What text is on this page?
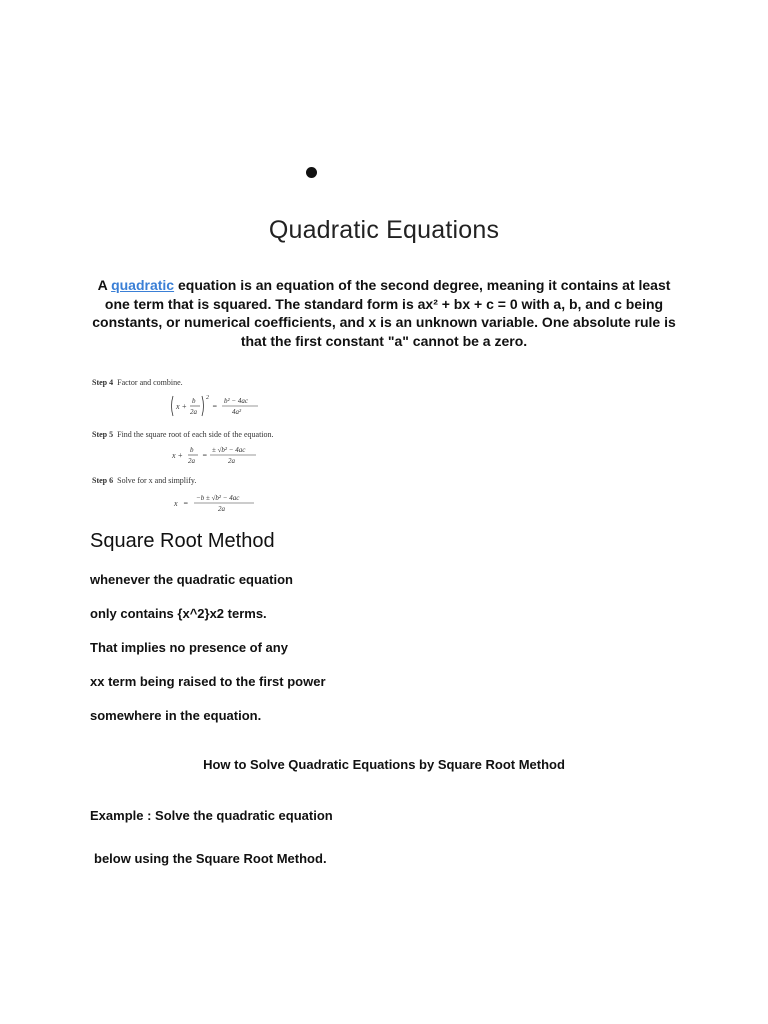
Quadratic Equations

A quadratic equation is an equation of the second degree, meaning it contains at least one term that is squared. The standard form is ax² + bx + c = 0 with a, b, and c being constants, or numerical coefficients, and x is an unknown variable. One absolute rule is that the first constant "a" cannot be a zero.

Step 4 Factor and combine.
x +
b
2a
2
=
b² − 4ac
4a²
Step 5 Find the square root of each side of the equation.
x +
b
2a
=
± √b² − 4ac
2a
Step 6 Solve for x and simplify.
x =
−b ± √b² − 4ac
2a
Square Root Method

whenever the quadratic equation

only contains {x^2}x2 terms.

That implies no presence of any

xx term being raised to the first power

somewhere in the equation.

How to Solve Quadratic Equations by Square Root Method

Example : Solve the quadratic equation

below using the Square Root Method.
